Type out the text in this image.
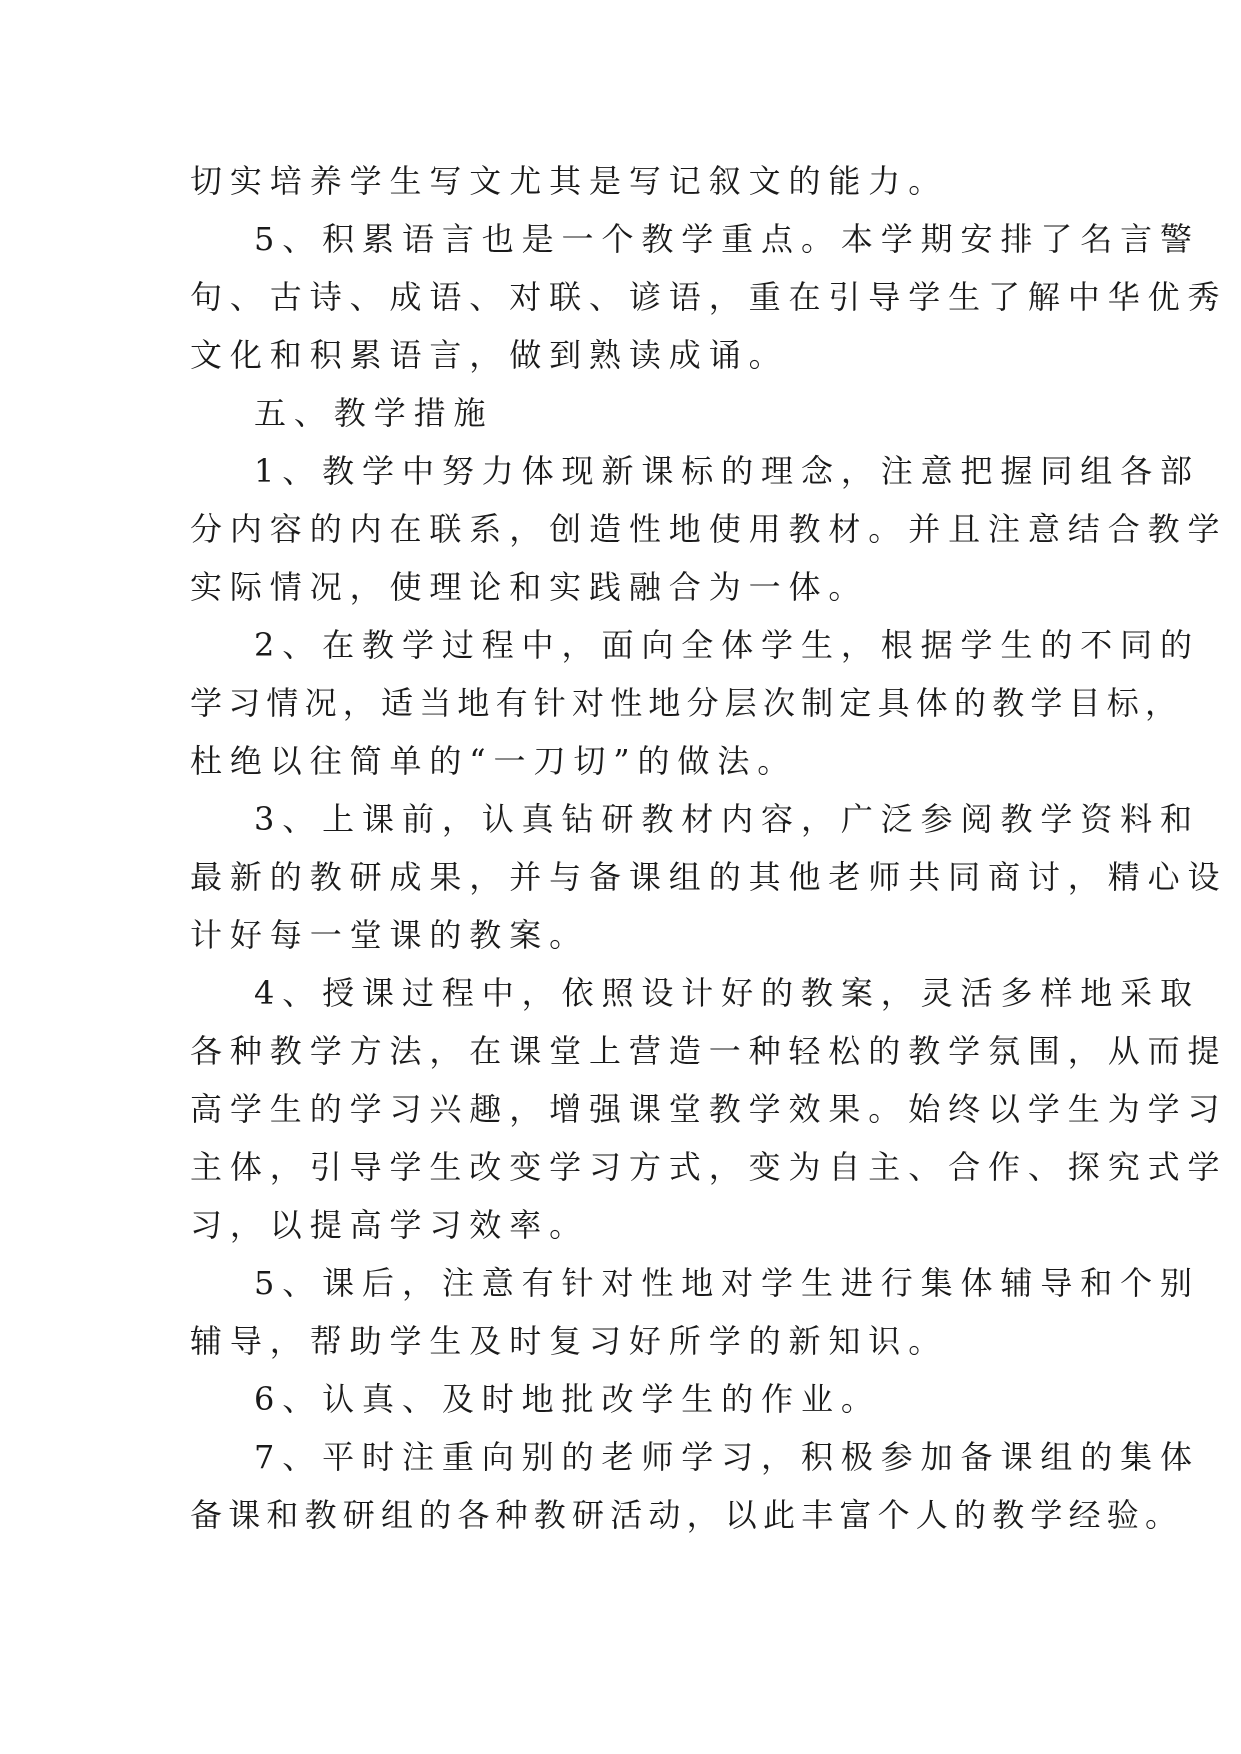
切实培养学生写文尤其是写记叙文的能力。
5、积累语言也是一个教学重点。本学期安排了名言警
句、古诗、成语、对联、谚语，重在引导学生了解中华优秀
文化和积累语言，做到熟读成诵。
五、教学措施
1、教学中努力体现新课标的理念，注意把握同组各部
分内容的内在联系，创造性地使用教材。并且注意结合教学
实际情况，使理论和实践融合为一体。
2、在教学过程中，面向全体学生，根据学生的不同的
学习情况，适当地有针对性地分层次制定具体的教学目标，
杜绝以往简单的“一刀切”的做法。
3、上课前，认真钻研教材内容，广泛参阅教学资料和
最新的教研成果，并与备课组的其他老师共同商讨，精心设
计好每一堂课的教案。
4、授课过程中，依照设计好的教案，灵活多样地采取
各种教学方法，在课堂上营造一种轻松的教学氛围，从而提
高学生的学习兴趣，增强课堂教学效果。始终以学生为学习
主体，引导学生改变学习方式，变为自主、合作、探究式学
习，以提高学习效率。
5、课后，注意有针对性地对学生进行集体辅导和个别
辅导，帮助学生及时复习好所学的新知识。
6、认真、及时地批改学生的作业。
7、平时注重向别的老师学习，积极参加备课组的集体
备课和教研组的各种教研活动，以此丰富个人的教学经验。
